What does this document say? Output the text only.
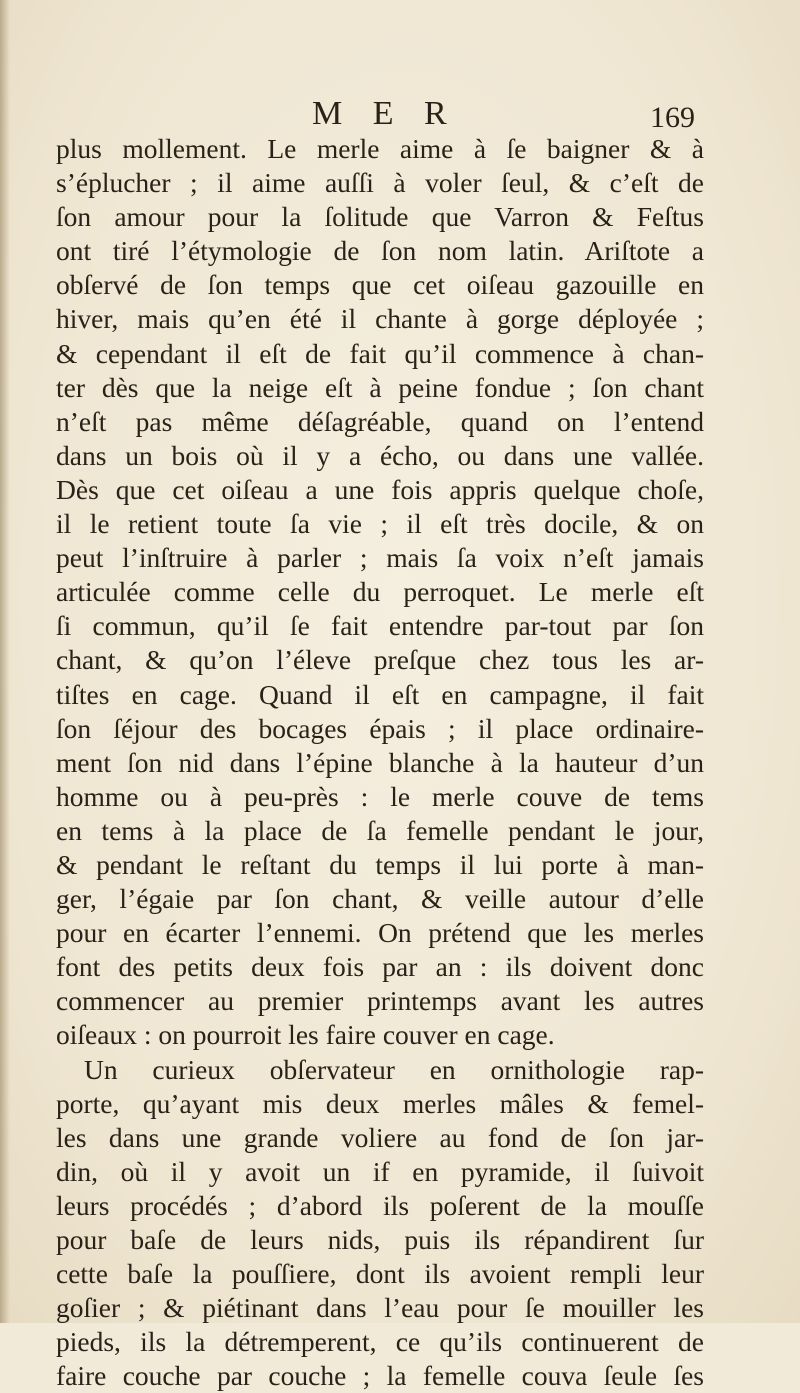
M E R	169
plus mollement. Le merle aime à ſe baigner & à
s’éplucher ; il aime auſſi à voler ſeul, & c’eſt de
ſon amour pour la ſolitude que Varron & Feſtus
ont tiré l’étymologie de ſon nom latin. Ariſtote a
obſervé de ſon temps que cet oiſeau gazouille en
hiver, mais qu’en été il chante à gorge déployée ;
& cependant il eſt de fait qu’il commence à chan-
ter dès que la neige eſt à peine fondue ; ſon chant
n’eſt pas même déſagréable, quand on l’entend
dans un bois où il y a écho, ou dans une vallée.
Dès que cet oiſeau a une fois appris quelque choſe,
il le retient toute ſa vie ; il eſt très docile, & on
peut l’inſtruire à parler ; mais ſa voix n’eſt jamais
articulée comme celle du perroquet. Le merle eſt
ſi commun, qu’il ſe fait entendre par-tout par ſon
chant, & qu’on l’éleve preſque chez tous les ar-
tiſtes en cage. Quand il eſt en campagne, il fait
ſon ſéjour des bocages épais ; il place ordinaire-
ment ſon nid dans l’épine blanche à la hauteur d’un
homme ou à peu-près : le merle couve de tems
en tems à la place de ſa femelle pendant le jour,
& pendant le reſtant du temps il lui porte à man-
ger, l’égaie par ſon chant, & veille autour d’elle
pour en écarter l’ennemi. On prétend que les merles
font des petits deux fois par an : ils doivent donc
commencer au premier printemps avant les autres
oiſeaux : on pourroit les faire couver en cage.
Un curieux obſervateur en ornithologie rap-
porte, qu’ayant mis deux merles mâles & femel-
les dans une grande voliere au fond de ſon jar-
din, où il y avoit un if en pyramide, il ſuivoit
leurs procédés ; d’abord ils poſerent de la mouſſe
pour baſe de leurs nids, puis ils répandirent ſur
cette baſe la pouſſiere, dont ils avoient rempli leur
goſier ; & piétinant dans l’eau pour ſe mouiller les
pieds, ils la détremperent, ce qu’ils continuerent de
faire couche par couche ; la femelle couva ſeule ſes
